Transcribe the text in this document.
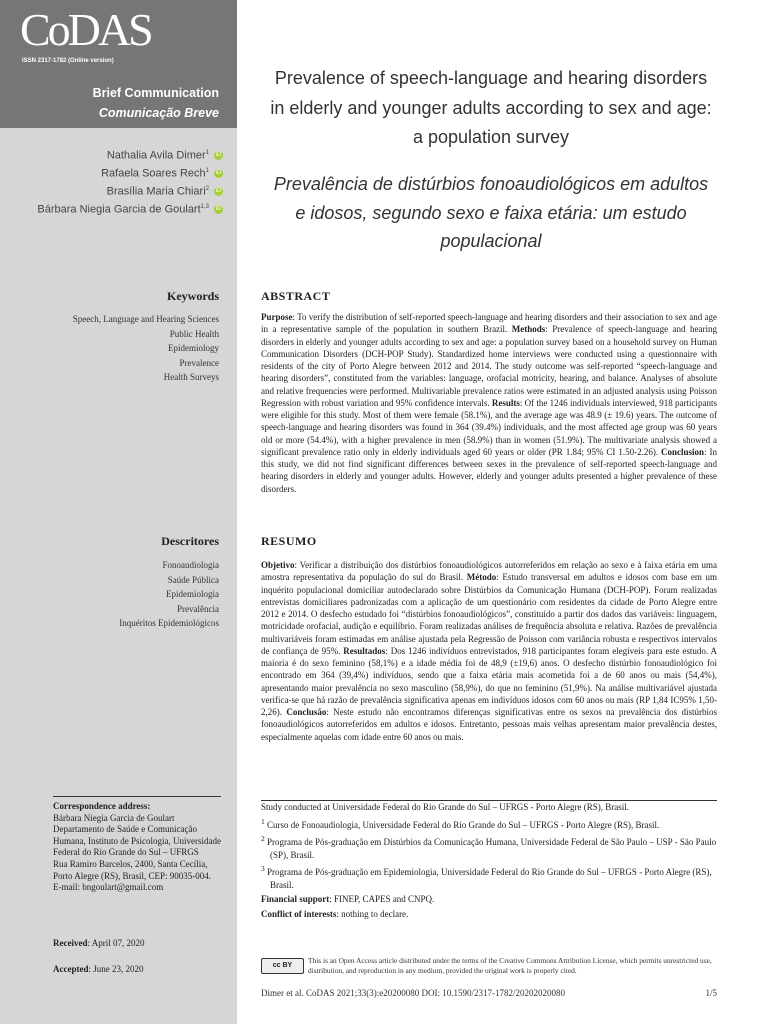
CoDAS
ISSN 2317-1782 (Online version)
Brief Communication
Comunicação Breve
Nathalia Avila Dimer$^1$ iD
Rafaela Soares Rech$^1$ iD
Brasília Maria Chiari$^2$ iD
Bárbara Niegia Garcia de Goulart$^{1,3}$ iD
Keywords
Speech, Language and Hearing Sciences
Public Health
Epidemiology
Prevalence
Health Surveys
Descritores
Fonoaudiologia
Saúde Pública
Epidemiologia
Prevalência
Inquéritos Epidemiológicos
Correspondence address:
Bárbara Niegia Garcia de Goulart
Departamento de Saúde e Comunicação Humana, Instituto de Psicologia, Universidade Federal do Rio Grande do Sul – UFRGS
Rua Ramiro Barcelos, 2400, Santa Cecília, Porto Alegre (RS), Brasil, CEP: 90035-004.
E-mail: bngoulart@gmail.com
Received: April 07, 2020
Accepted: June 23, 2020
Prevalence of speech-language and hearing disorders in elderly and younger adults according to sex and age: a population survey
Prevalência de distúrbios fonoaudiológicos em adultos e idosos, segundo sexo e faixa etária: um estudo populacional
ABSTRACT
Purpose: To verify the distribution of self-reported speech-language and hearing disorders and their association to sex and age in a representative sample of the population in southern Brazil. Methods: Prevalence of speech-language and hearing disorders in elderly and younger adults according to sex and age: a population survey based on a household survey on Human Communication Disorders (DCH-POP Study). Standardized home interviews were conducted using a questionnaire with residents of the city of Porto Alegre between 2012 and 2014. The study outcome was self-reported “speech-language and hearing disorders”, constituted from the variables: language, orofacial motricity, hearing, and balance. Analyses of absolute and relative frequencies were performed. Multivariable prevalence ratios were estimated in an adjusted analysis using Poisson Regression with robust variation and 95% confidence intervals. Results: Of the 1246 individuals interviewed, 918 participants were eligible for this study. Most of them were female (58.1%), and the average age was 48.9 (± 19.6) years. The outcome of speech-language and hearing disorders was found in 364 (39.4%) individuals, and the most affected age group was 60 years old or more (54.4%), with a higher prevalence in men (58.9%) than in women (51.9%). The multivariate analysis showed a significant prevalence ratio only in elderly individuals aged 60 years or older (PR 1.84; 95% CI 1.50-2.26). Conclusion: In this study, we did not find significant differences between sexes in the prevalence of self-reported speech-language and hearing disorders in elderly and younger adults. However, elderly and younger adults presented a higher prevalence of these disorders.
RESUMO
Objetivo: Verificar a distribuição dos distúrbios fonoaudiológicos autorreferidos em relação ao sexo e à faixa etária em uma amostra representativa da população do sul do Brasil. Método: Estudo transversal em adultos e idosos com base em um inquérito populacional domiciliar autodeclarado sobre Distúrbios da Comunicação Humana (DCH-POP). Foram realizadas entrevistas domiciliares padronizadas com a aplicação de um questionário com residentes da cidade de Porto Alegre entre 2012 e 2014. O desfecho estudado foi “distúrbios fonoaudiológicos”, constituído a partir dos dados das variáveis: linguagem, motricidade orofacial, audição e equilíbrio. Foram realizadas análises de frequência absoluta e relativa. Razões de prevalência multivariáveis foram estimadas em análise ajustada pela Regressão de Poisson com variância robusta e respectivos intervalos de confiança de 95%. Resultados: Dos 1246 indivíduos entrevistados, 918 participantes foram elegíveis para este estudo. A maioria é do sexo feminino (58,1%) e a idade média foi de 48,9 (±19,6) anos. O desfecho distúrbio fonoaudiológico foi encontrado em 364 (39,4%) indivíduos, sendo que a faixa etária mais acometida foi a de 60 anos ou mais (54,4%), apresentando maior prevalência no sexo masculino (58,9%), do que no feminino (51,9%). Na análise multivariável ajustada verifica-se que há razão de prevalência significativa apenas em indivíduos idosos com 60 anos ou mais (RP 1,84 IC95% 1,50-2,26). Conclusão: Neste estudo não encontramos diferenças significativas entre os sexos na prevalência dos distúrbios fonoaudiológicos autorreferidos em adultos e idosos. Entretanto, pessoas mais velhas apresentam maior prevalência destes, especialmente aquelas com idade entre 60 anos ou mais.

Study conducted at Universidade Federal do Rio Grande do Sul – UFRGS - Porto Alegre (RS), Brasil.

$^1$ Curso de Fonoaudiologia, Universidade Federal do Rio Grande do Sul – UFRGS - Porto Alegre (RS), Brasil.

$^2$ Programa de Pós-graduação em Distúrbios da Comunicação Humana, Universidade Federal de São Paulo – USP - São Paulo (SP), Brasil.

$^3$ Programa de Pós-graduação em Epidemiologia, Universidade Federal do Rio Grande do Sul – UFRGS - Porto Alegre (RS), Brasil.

Financial support: FINEP, CAPES and CNPQ.

Conflict of interests: nothing to declare.

cc BY
This is an Open Access article distributed under the terms of the Creative Commons Attribution License, which permits unrestricted use, distribution, and reproduction in any medium, provided the original work is properly cited.
Dimer et al. CoDAS 2021;33(3):e20200080 DOI: 10.1590/2317-1782/20202020080	1/5
